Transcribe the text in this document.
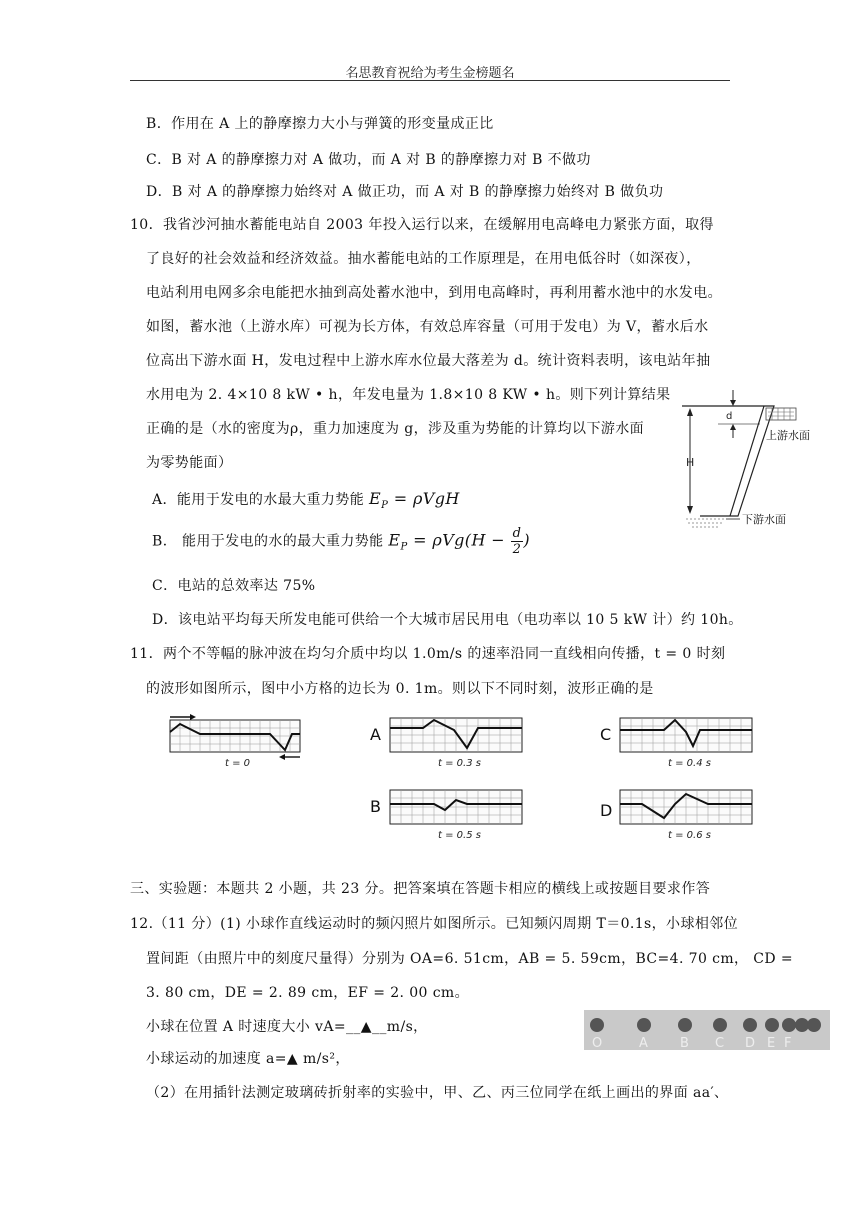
名思教育祝给为考生金榜题名
B．作用在 A 上的静摩擦力大小与弹簧的形变量成正比
C．B 对 A 的静摩擦力对 A 做功，而 A 对 B 的静摩擦力对 B 不做功
D．B 对 A 的静摩擦力始终对 A 做正功，而 A 对 B 的静摩擦力始终对 B 做负功
10．我省沙河抽水蓄能电站自 2003 年投入运行以来，在缓解用电高峰电力紧张方面，取得
了良好的社会效益和经济效益。抽水蓄能电站的工作原理是，在用电低谷时（如深夜），
电站利用电网多余电能把水抽到高处蓄水池中，到用电高峰时，再利用蓄水池中的水发电。
如图，蓄水池（上游水库）可视为长方体，有效总库容量（可用于发电）为 V，蓄水后水
位高出下游水面 H，发电过程中上游水库水位最大落差为 d。统计资料表明，该电站年抽
水用电为 2. 4×10 8 kW • h，年发电量为 1.8×10 8 KW • h。则下列计算结果
正确的是（水的密度为ρ，重力加速度为 g，涉及重为势能的计算均以下游水面
为零势能面）
A．能用于发电的水最大重力势能 $E_P = \rho VgH$
B． 能用于发电的水的最大重力势能 $E_P = \rho Vg(H - \frac{d}{2}$ )
C．电站的总效率达 75%
D．该电站平均每天所发电能可供给一个大城市居民用电（电功率以 10 5 kW 计）约 10h。
d
H
上游水面
下游水面
11．两个不等幅的脉冲波在均匀介质中均以 1.0m/s 的速率沿同一直线相向传播，t = 0 时刻
的波形如图所示，图中小方格的边长为 0. 1m。则以下不同时刻，波形正确的是
t = 0
A
t = 0.3 s
C
t = 0.4 s
B
t = 0.5 s
D
t = 0.6 s
三、实验题：本题共 2 小题，共 23 分。把答案填在答题卡相应的横线上或按题目要求作答
12.（11 分）(1) 小球作直线运动时的频闪照片如图所示。已知频闪周期 T＝0.1s，小球相邻位
置间距（由照片中的刻度尺量得）分别为 OA=6. 51cm，AB = 5. 59cm，BC=4. 70 cm， CD =
3. 80 cm，DE = 2. 89 cm，EF = 2. 00 cm。
小球在位置 A 时速度大小 vA=__▲__m/s，
小球运动的加速度 a=▲ m/s²，
（2）在用插针法测定玻璃砖折射率的实验中，甲、乙、丙三位同学在纸上画出的界面 aa′、
O	A B C D E F
